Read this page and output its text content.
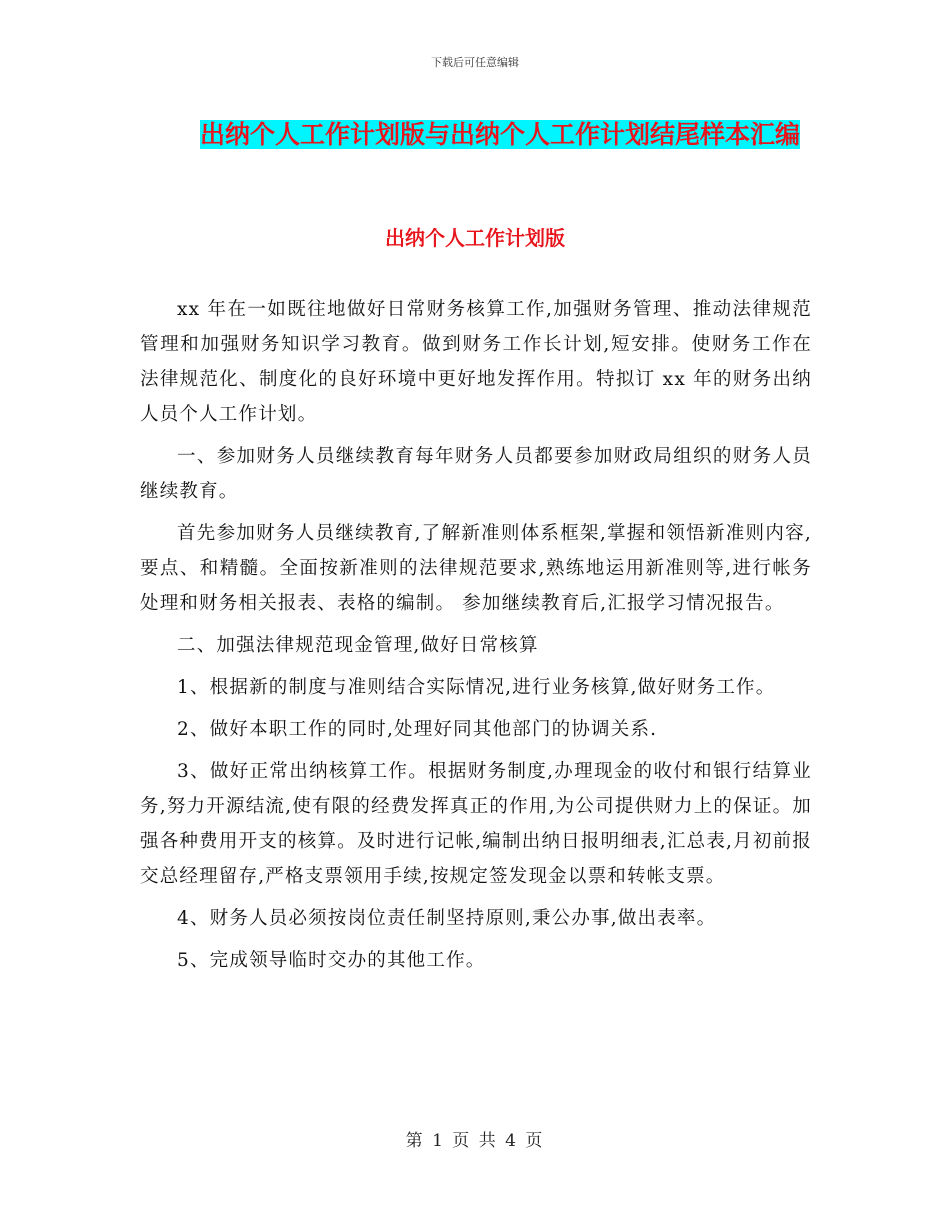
下载后可任意编辑
出纳个人工作计划版与出纳个人工作计划结尾样本汇编
出纳个人工作计划版

xx 年在一如既往地做好日常财务核算工作,加强财务管理、推动法律规范管理和加强财务知识学习教育。做到财务工作长计划,短安排。使财务工作在法律规范化、制度化的良好环境中更好地发挥作用。特拟订 xx 年的财务出纳人员个人工作计划。

一、参加财务人员继续教育每年财务人员都要参加财政局组织的财务人员继续教育。

首先参加财务人员继续教育,了解新准则体系框架,掌握和领悟新准则内容,要点、和精髓。全面按新准则的法律规范要求,熟练地运用新准则等,进行帐务处理和财务相关报表、表格的编制。 参加继续教育后,汇报学习情况报告。

二、加强法律规范现金管理,做好日常核算

1、根据新的制度与准则结合实际情况,进行业务核算,做好财务工作。

2、做好本职工作的同时,处理好同其他部门的协调关系.

3、做好正常出纳核算工作。根据财务制度,办理现金的收付和银行结算业务,努力开源结流,使有限的经费发挥真正的作用,为公司提供财力上的保证。加强各种费用开支的核算。及时进行记帐,编制出纳日报明细表,汇总表,月初前报交总经理留存,严格支票领用手续,按规定签发现金以票和转帐支票。

4、财务人员必须按岗位责任制坚持原则,秉公办事,做出表率。

5、完成领导临时交办的其他工作。

第 1 页 共 4 页
